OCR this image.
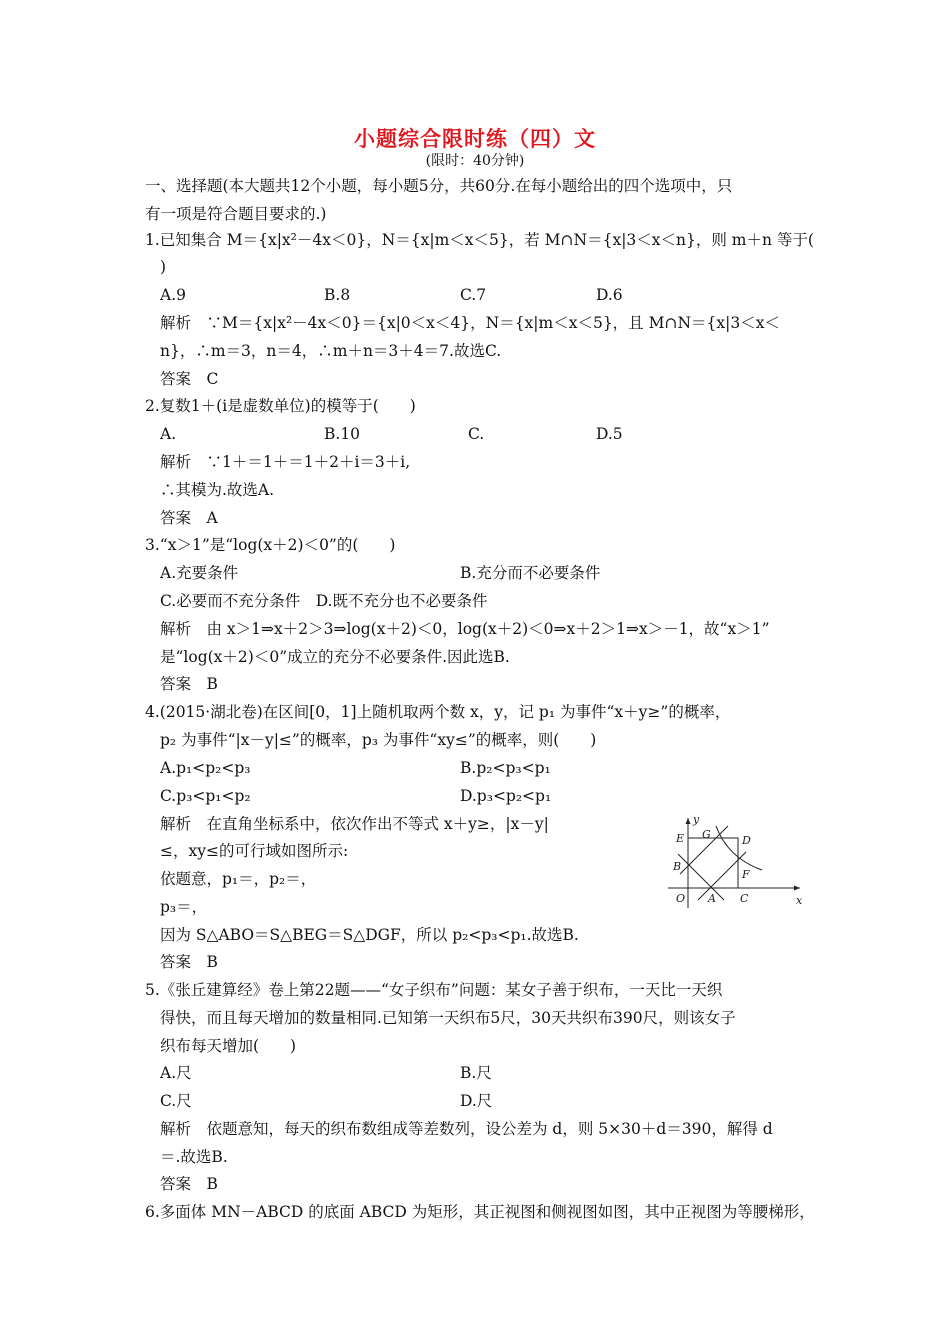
小题综合限时练（四）文
(限时：40分钟)
一、选择题(本大题共12个小题，每小题5分，共60分.在每小题给出的四个选项中，只
有一项是符合题目要求的.)
1.已知集合 M＝{x|x²－4x＜0}，N＝{x|m＜x＜5}，若 M∩N＝{x|3＜x＜n}，则 m＋n 等于(
)
A.9	B.8	C.7	D.6
解析　∵M＝{x|x²－4x＜0}＝{x|0＜x＜4}，N＝{x|m＜x＜5}，且 M∩N＝{x|3＜x＜
n}，∴m＝3，n＝4，∴m＋n＝3＋4＝7.故选C.
答案　C
2.复数1＋(i是虚数单位)的模等于(　　)
A.	B.10	C.	D.5
解析　∵1＋＝1＋＝1＋2＋i＝3＋i,
∴其模为.故选A.
答案　A
3.“x＞1”是“log(x＋2)＜0”的(　　)
A.充要条件	B.充分而不必要条件
C.必要而不充分条件　D.既不充分也不必要条件
解析　由 x＞1⇒x＋2＞3⇒log(x＋2)＜0，log(x＋2)＜0⇒x＋2＞1⇒x＞－1，故“x＞1”
是“log(x＋2)＜0”成立的充分不必要条件.因此选B.
答案　B
4.(2015·湖北卷)在区间[0，1]上随机取两个数 x，y，记 p₁ 为事件“x＋y≥”的概率，
p₂ 为事件“|x－y|≤”的概率，p₃ 为事件“xy≤”的概率，则(　　)
A.p₁<p₂<p₃	B.p₂<p₃<p₁
C.p₃<p₁<p₂	D.p₃<p₂<p₁
解析　在直角坐标系中，依次作出不等式 x＋y≥，|x－y|
≤，xy≤的可行域如图所示:
依题意，p₁＝，p₂＝，
p₃＝，
因为 S△ABO＝S△BEG＝S△DGF，所以 p₂<p₃<p₁.故选B.
答案　B
y
x
E G	D
B
F
O A C
5.《张丘建算经》卷上第22题——“女子织布”问题：某女子善于织布，一天比一天织
得快，而且每天增加的数量相同.已知第一天织布5尺，30天共织布390尺，则该女子
织布每天增加(　　)
A.尺	B.尺
C.尺	D.尺
解析　依题意知，每天的织布数组成等差数列，设公差为 d，则 5×30＋d＝390，解得 d
＝.故选B.
答案　B
6.多面体 MN－ABCD 的底面 ABCD 为矩形，其正视图和侧视图如图，其中正视图为等腰梯形，
